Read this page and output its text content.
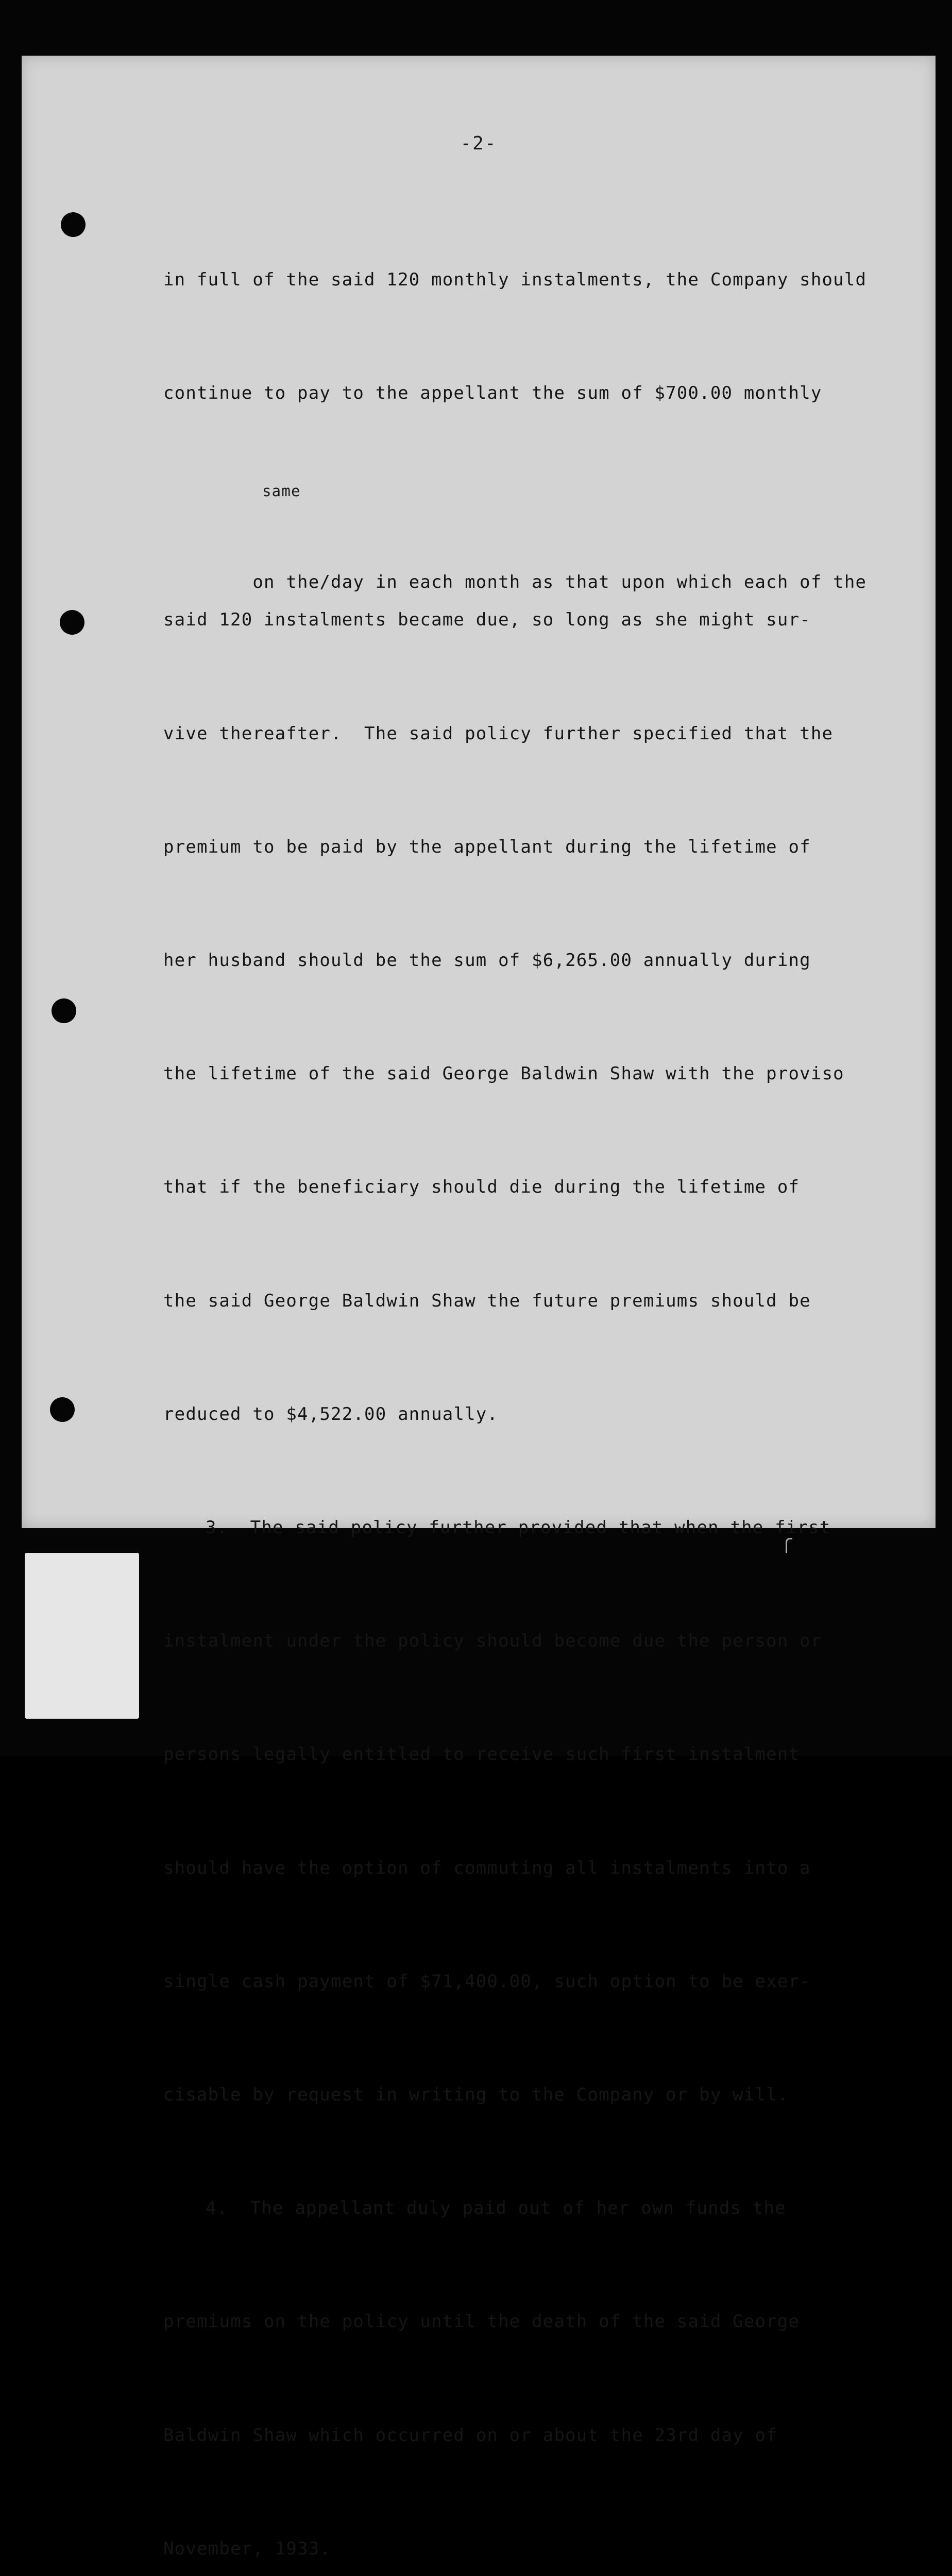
-2-

in full of the said 120 monthly instalments, the Company should

continue to pay to the appellant the sum of $700.00 monthly

same

on the/day in each month as that upon which each of the

said 120 instalments became due, so long as she might sur-

vive thereafter.  The said policy further specified that the

premium to be paid by the appellant during the lifetime of

her husband should be the sum of $6,265.00 annually during

the lifetime of the said George Baldwin Shaw with the proviso

that if the beneficiary should die during the lifetime of

the said George Baldwin Shaw the future premiums should be

reduced to $4,522.00 annually.

3.  The said policy further provided that when the first

instalment under the policy should become due the person or

persons legally entitled to receive such first instalment

should have the option of commuting all instalments into a

single cash payment of $71,400.00, such option to be exer-

cisable by request in writing to the Company or by will.

4.  The appellant duly paid out of her own funds the

premiums on the policy until the death of the said George

Baldwin Shaw which occurred on or about the 23rd day of

November, 1933.
